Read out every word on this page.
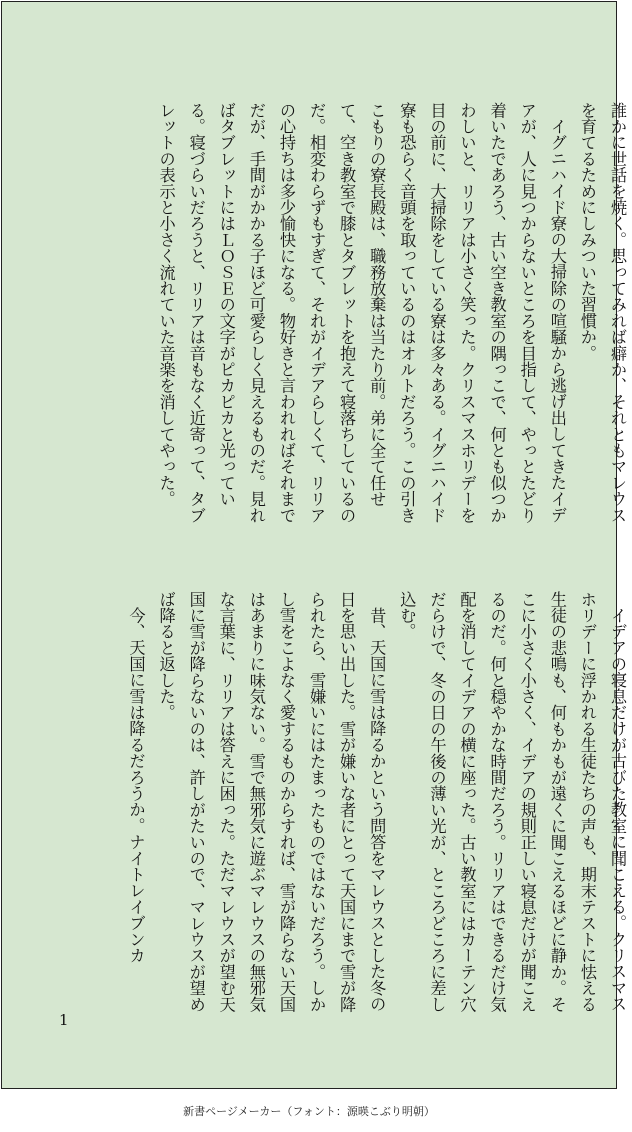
誰かに世話を焼く。思ってみれば癖か、それともマレウスを育てるためにしみついた習慣か。

イグニハイド寮の大掃除の喧騒から逃げ出してきたイデアが、人に見つからないところを目指して、やっとたどり着いたであろう、古い空き教室の隅っこで、何とも似つかわしいと、リリアは小さく笑った。クリスマスホリデーを目の前に、大掃除をしている寮は多々ある。イグニハイド寮も恐らく音頭を取っているのはオルトだろう。この引きこもりの寮長殿は、職務放棄は当たり前。弟に全て任せて、空き教室で膝とタブレットを抱えて寝落ちしているのだ。相変わらずもすぎて、それがイデアらしくて、リリアの心持ちは多少愉快になる。物好きと言われればそれまでだが、手間がかかる子ほど可愛らしく見えるものだ。見ればタブレットにはＬＯＳＥの文字がピカピカと光っている。寝づらいだろうと、リリアは音もなく近寄って、タブレットの表示と小さく流れていた音楽を消してやった。

イデアの寝息だけが古びた教室に聞こえる。クリスマスホリデーに浮かれる生徒たちの声も、期末テストに怯える生徒の悲鳴も、何もかもが遠くに聞こえるほどに静か。そこに小さく小さく、イデアの規則正しい寝息だけが聞こえるのだ。何と穏やかな時間だろう。リリアはできるだけ気配を消してイデアの横に座った。古い教室にはカーテン穴だらけで、冬の日の午後の薄い光が、ところどころに差し込む。

昔、天国に雪は降るかという問答をマレウスとした冬の日を思い出した。雪が嫌いな者にとって天国にまで雪が降られたら、雪嫌いにはたまったものではないだろう。しかし雪をこよなく愛するものからすれば、雪が降らない天国はあまりに味気ない。雪で無邪気に遊ぶマレウスの無邪気な言葉に、リリアは答えに困った。ただマレウスが望む天国に雪が降らないのは、許しがたいので、マレウスが望めば降ると返した。

今、天国に雪は降るだろうか。ナイトレイブンカ

1
新書ページメーカー（フォント：源暎こぶり明朝）
